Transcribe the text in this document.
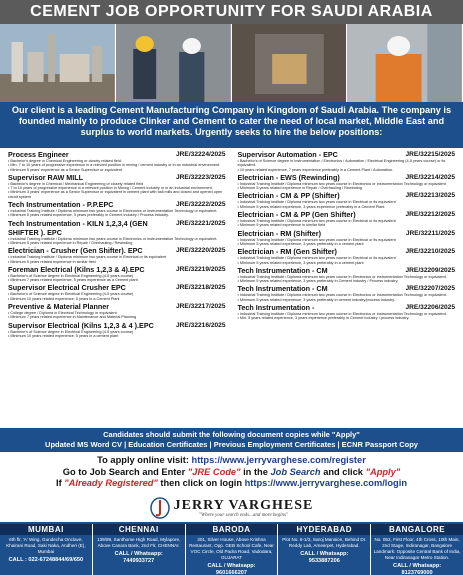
CEMENT JOB OPPORTUNITY FOR SAUDI ARABIA
Our client is a leading Cement Manufacturing Company in Kingdom of Saudi Arabia. The company is founded mainly to produce Clinker and Cement to cater the need of local market, Middle East and surplus to world markets. Urgently seeks to hire the below positions:
Process Engineer	JRE/32224/2025
• Bachelor's degree in Chemical Engineering or closely related field.
• Min. 7 to 10 years of progressive experience in a relevant position in mining / cement industry or in an industrial environment.
• Minimum 5 years' experience as a Senior Supervisor or equivalent.
Supervisor RAW MILL	JRE/32223/2025
• Bachelor's degree in Chemical / Mechanical Engineering or closely related field
• 7 to 10 years of progressive experience in a relevant position in Mining / Cement industry or in an industrial environment.
• Minimum 3 years' experience as a Senior Supervisor or equivalent in cement plant with ball mills and closed and opened open circuit system
Tech Instrumentation - P.P.EPC	JRE/32222/2025
• Industrial Training Institute / Diploma minimum two years course in Electronics or Instrumentation Technology or equivalent.
• Minimum 5 years related experience, 3 years preferably in Cement industry / Process industry.
Tech Instrumentation - KILN 1,2,3,4 (GEN SHIFTER ). EPC
JRE/32221/2025
• Industrial Training Institute / Diploma minimum two years course in Electronics or Instrumentation Technology or equivalent.
• Minimum 5 years related experience in Repair / Overhauling / Rewinding
Electrician - Crusher (Gen Shifter). EPC	JRE/32220/2025
• Industrial Training Institute / Diploma minimum two years course in Electrical or its equivalent
• Minimum 5 years related experience in similar field
Foreman Electrical (Kilns 1,2,3 & 4).EPC	JRE/32219/2025
• Bachelor's of Science degree in Electrical Engineering (4-5 years course)
• Minimum 7 years related experience, 5 years experience as a Cement plant
Supervisor Electrical Crusher EPC	JRE/32218/2025
• Bachelor's of Science degree in Electrical Engineering (4-5 years course)
• Minimum 10 years related experience, 5 years in a Cement Plant
Preventive & Material Planner	JRE/32217/2025
• College degree / Diploma in Electrical Technology or equivalent
• Minimum 7 years related experience in Maintenance and Material Planning
Supervisor Electrical (Kilns 1,2,3 & 4 ).EPC	JRE/32216/2025
• Bachelor's of Science degree in Electrical Engineering (4-5 years course)
• Minimum 10 years related experience, 5 years in a cement plant
Supervisor Automation - EPC	JRE/32215/2025
• Bachelor's of Science degree in Instrumentation / Electronics / Automation / Electrical Engineering (4-5 years course) or its equivalent.
• 10 years related experience, 7 years experience preferably in a Cement Plant / Automation.
Electrician - EWS (Rewinding)	JRE/32214/2025
• Industrial Training Institute / Diploma minimum two years course in Electronics or Instrumentation Technology or equivalent
• Minimum 5 years related experience in Repair / Overhauling / Rewinding
Electrician - CM & PP (Shifter)	JRE/32213/2025
• Industrial Training Institute / Diploma minimum two years course in Electrical or its equivalent
• Minimum 5 years related experience, 3 years experience preferably in a Cement Plant
Electrician - CM & PP (Gen Shifter)	JRE/32212/2025
• Industrial Training Institute / Diploma minimum two years course in Electrical or its equivalent
• Minimum 5 years related experience in similar field
Electrician - RM (Shifter)	JRE/32211/2025
• Industrial Training Institute / Diploma minimum two years course in Electrical or its equivalent
• Minimum 5 years related experience, 3 years preferably in a cement plant
Electrician - RM (Gen Shifter)	JRE/32210/2025
• Industrial Training Institute / Diploma minimum two years course in Electrical or its equivalent
• Minimum 5 years related experience, 3 years preferably in a cement plant
Tech Instrumentation - CM	JRE/32209/2025
• Industrial Training Institute / Diploma minimum two years course in Electronics or Instrumentation Technology or equivalent.
• Minimum 5 years related experience, 3 years preferably in Cement industry / Process industry.
Tech Instrumentation - CM	JRE/32207/2025
• Industrial Training Institute / Diploma minimum two years course in Electronics or Instrumentation Technology or equivalent.
• Minimum 5 years related experience, 3 years preferably in cement industry/process industry.
Tech Instrumentation -	JRE/32206/2025
• Industrial Training Institute / Diploma minimum two years course in Electronics or Instrumentation Technology or equivalent.
• Min. 5 years related experience, 3 years experience preferably in Cement industry / process industry.
Candidates should submit the following document copies while "Apply"
Updated MS Word CV | Education Certificates | Previous Employment Certificates | ECNR Passport Copy
To apply online visit: https://www.jerryvarghese.com/register
Go to Job Search and Enter "JRE Code" in the Job Search and click "Apply"
If "Already Registered" then click on login https://www.jerryvarghese.com/login
JERRY VARGHESE
"Where your search ends...and more begins"
MUMBAI
6th flr, 'A' Wing, Gundecha Onclave, Khairani Road, Saki Naka, Andheri (E), Mumbai
CALL : 022-67248844/69/650
CHENNAI
139/89, Santhome High Road, Mylapore, Above Canara Bank, 2nd Flr, CHENNAI.
CALL / Whatsapp:
7449933727
BARODA
301, Silver House, Above Krishna Restaurant, Opp. GEB School Cafe, Near VOC Circle, Old Padra Road, Vadodara, GUJARAT
CALL / Whatsapp:
9601666207
HYDERABAD
Plot No. 6-1/2, Saroj Mansion, Behind Dr. Reddy Lab, Ameerpet, Hyderabad.
CALL / Whatsapp:
9533887206
BANGALORE
No. 052, First Floor, 4th Cross, 10th Main, 2nd Stage, Indiranagar, Bangalore Landmark: Opposite Central Bank of India, Near Indiranagar Metro Station.
CALL / Whatsapp:
8123769000
